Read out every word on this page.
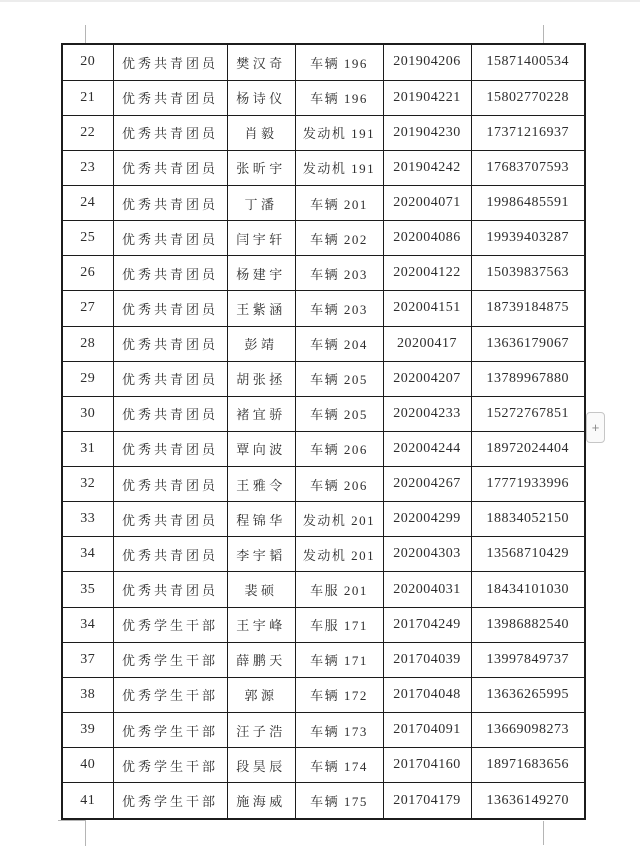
20	优秀共青团员	樊汉奇	车辆 196	201904206	15871400534
21	优秀共青团员	杨诗仪	车辆 196	201904221	15802770228
22	优秀共青团员	肖毅	发动机 191	201904230	17371216937
23	优秀共青团员	张昕宇	发动机 191	201904242	17683707593
24	优秀共青团员	丁潘	车辆 201	202004071	19986485591
25	优秀共青团员	闫宇轩	车辆 202	202004086	19939403287
26	优秀共青团员	杨建宇	车辆 203	202004122	15039837563
27	优秀共青团员	王紫涵	车辆 203	202004151	18739184875
28	优秀共青团员	彭靖	车辆 204	20200417	13636179067
29	优秀共青团员	胡张拯	车辆 205	202004207	13789967880
30	优秀共青团员	褚宜骄	车辆 205	202004233	15272767851
31	优秀共青团员	覃向波	车辆 206	202004244	18972024404
32	优秀共青团员	王雅令	车辆 206	202004267	17771933996
33	优秀共青团员	程锦华	发动机 201	202004299	18834052150
34	优秀共青团员	李宇韬	发动机 201	202004303	13568710429
35	优秀共青团员	裴硕	车服 201	202004031	18434101030
34	优秀学生干部	王宇峰	车服 171	201704249	13986882540
37	优秀学生干部	薛鹏天	车辆 171	201704039	13997849737
38	优秀学生干部	郭源	车辆 172	201704048	13636265995
39	优秀学生干部	汪子浩	车辆 173	201704091	13669098273
40	优秀学生干部	段昊辰	车辆 174	201704160	18971683656
41	优秀学生干部	施海威	车辆 175	201704179	13636149270
+
